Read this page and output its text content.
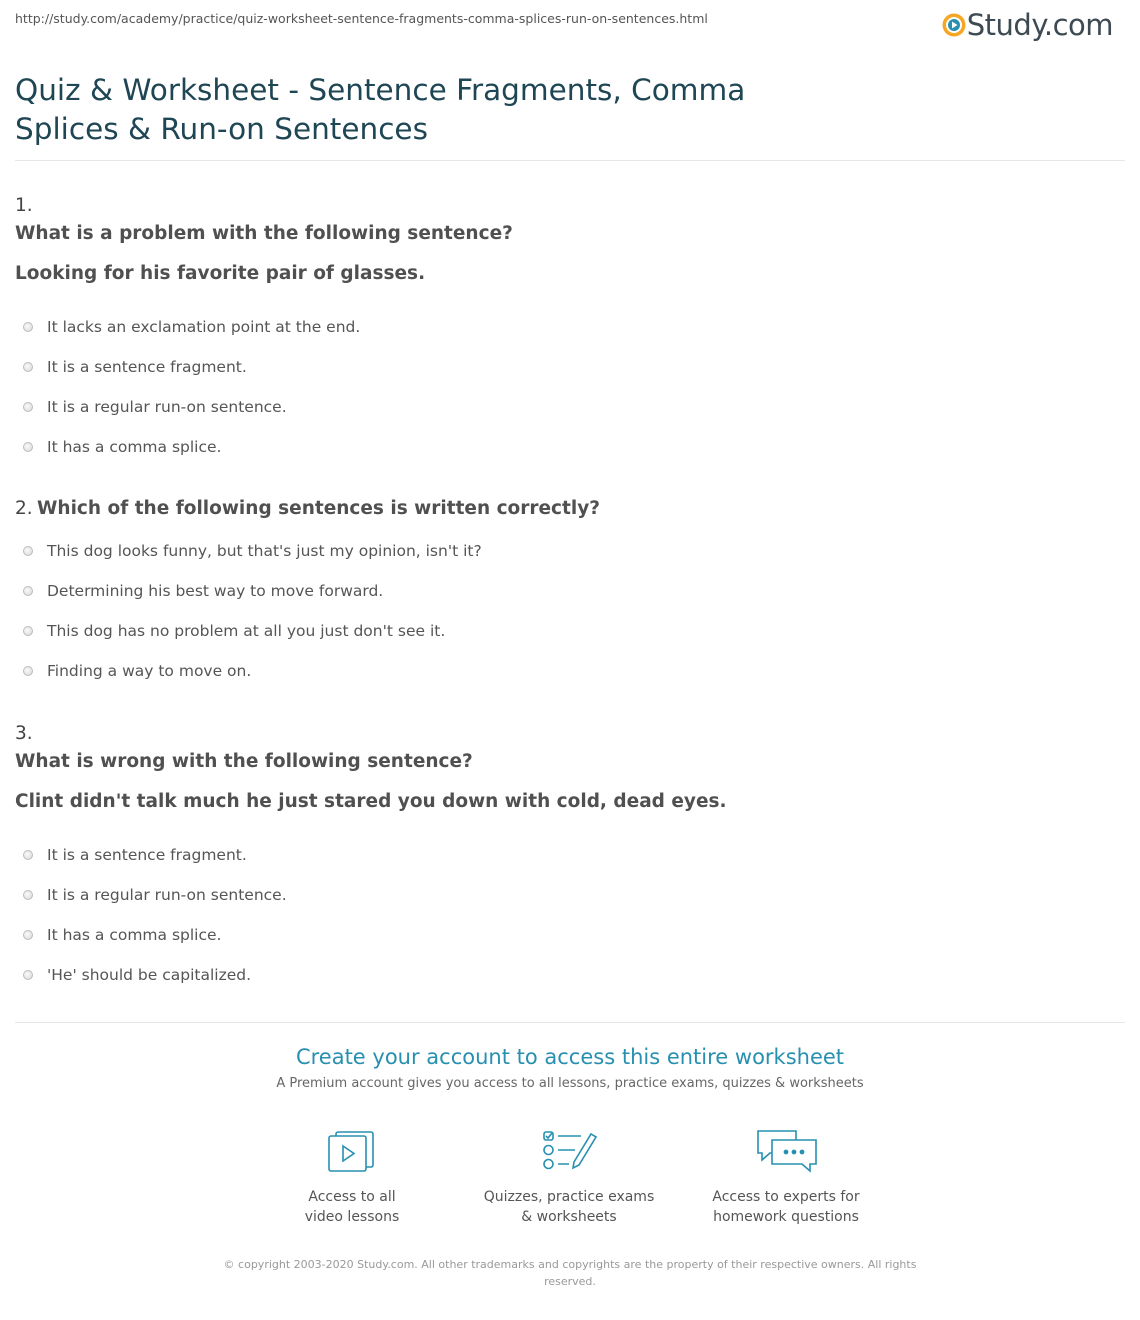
http://study.com/academy/practice/quiz-worksheet-sentence-fragments-comma-splices-run-on-sentences.html	Study.com
Quiz & Worksheet - Sentence Fragments, Comma Splices & Run-on Sentences
1.
What is a problem with the following sentence?
Looking for his favorite pair of glasses.
It lacks an exclamation point at the end.
It is a sentence fragment.
It is a regular run-on sentence.
It has a comma splice.
2. Which of the following sentences is written correctly?
This dog looks funny, but that's just my opinion, isn't it?
Determining his best way to move forward.
This dog has no problem at all you just don't see it.
Finding a way to move on.
3.
What is wrong with the following sentence?
Clint didn't talk much he just stared you down with cold, dead eyes.
It is a sentence fragment.
It is a regular run-on sentence.
It has a comma splice.
'He' should be capitalized.
Create your account to access this entire worksheet
A Premium account gives you access to all lessons, practice exams, quizzes & worksheets
Access to all
video lessons
Quizzes, practice exams
& worksheets
Access to experts for
homework questions
© copyright 2003-2020 Study.com. All other trademarks and copyrights are the property of their respective owners. All rights reserved.
